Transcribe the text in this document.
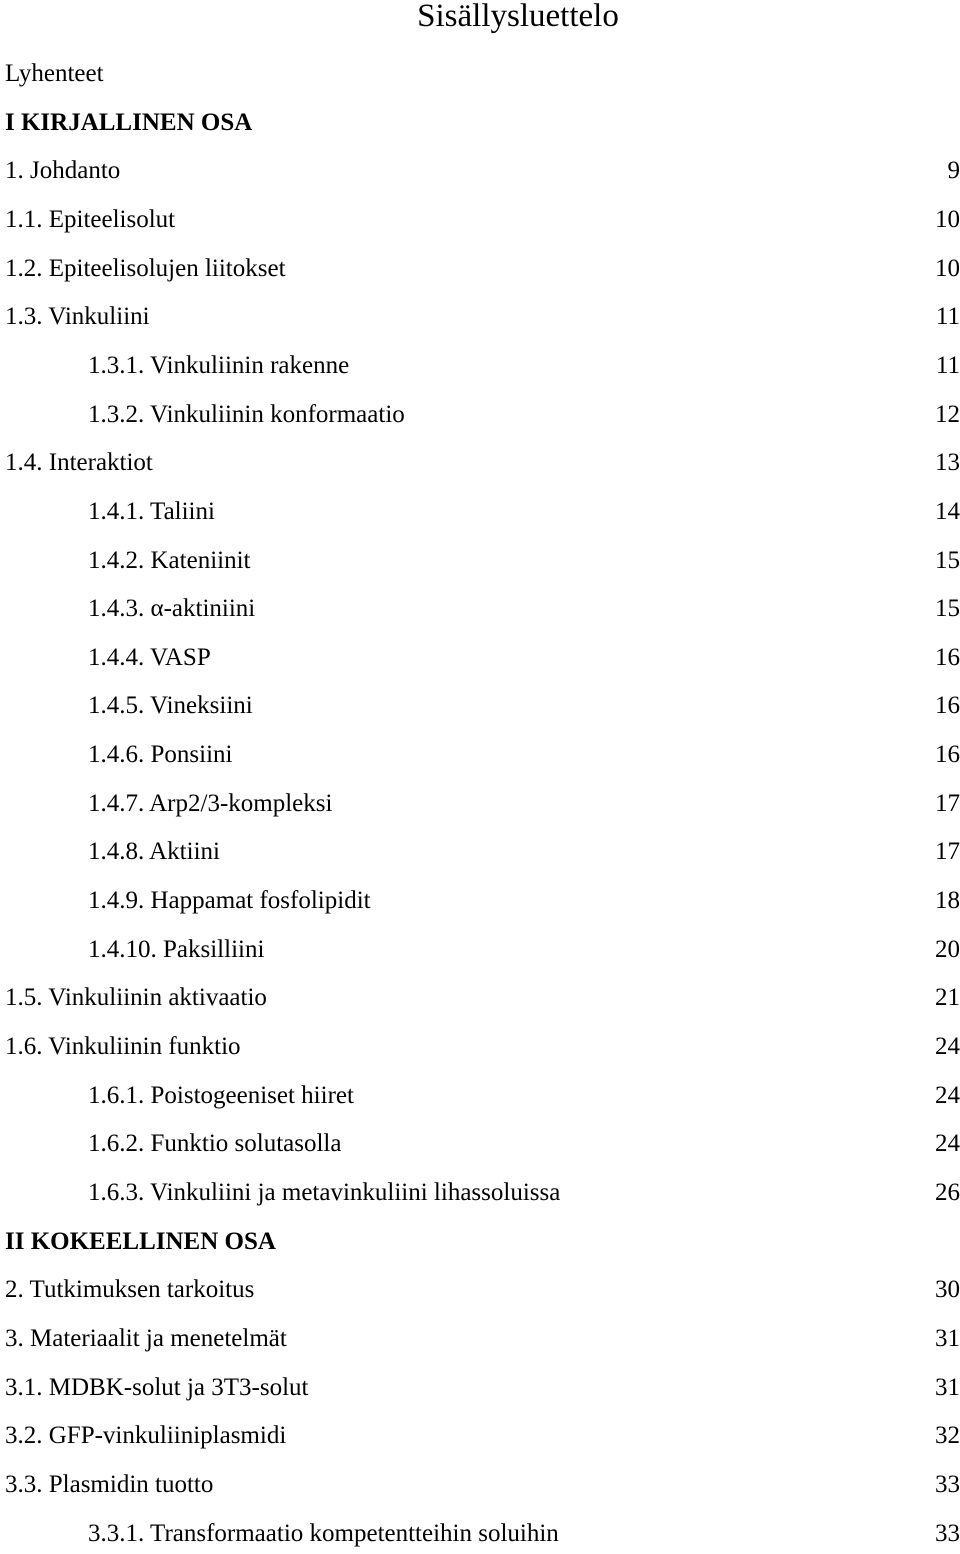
Sisällysluettelo
Lyhenteet
I KIRJALLINEN OSA
1. Johdanto	9
1.1. Epiteelisolut	10
1.2. Epiteelisolujen liitokset	10
1.3. Vinkuliini	11
1.3.1. Vinkuliinin rakenne	11
1.3.2. Vinkuliinin konformaatio	12
1.4. Interaktiot	13
1.4.1. Taliini	14
1.4.2. Kateniinit	15
1.4.3. α-aktiniini	15
1.4.4. VASP	16
1.4.5. Vineksiini	16
1.4.6. Ponsiini	16
1.4.7. Arp2/3-kompleksi	17
1.4.8. Aktiini	17
1.4.9. Happamat fosfolipidit	18
1.4.10. Paksilliini	20
1.5. Vinkuliinin aktivaatio	21
1.6. Vinkuliinin funktio	24
1.6.1. Poistogeeniset hiiret	24
1.6.2. Funktio solutasolla	24
1.6.3. Vinkuliini ja metavinkuliini lihassoluissa	26
II KOKEELLINEN OSA
2. Tutkimuksen tarkoitus	30
3. Materiaalit ja menetelmät	31
3.1. MDBK-solut ja 3T3-solut	31
3.2. GFP-vinkuliiniplasmidi	32
3.3. Plasmidin tuotto	33
3.3.1. Transformaatio kompetentteihin soluihin	33
